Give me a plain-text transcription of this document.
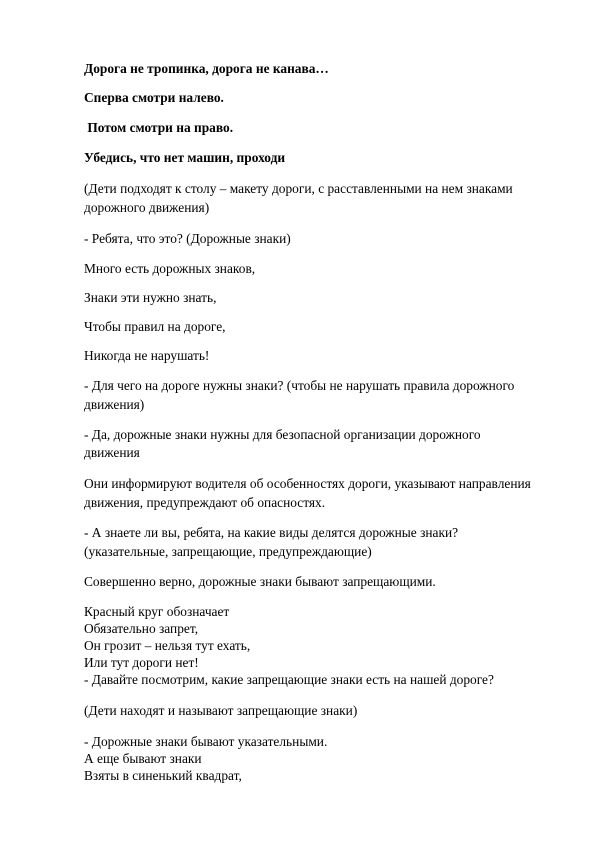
Дорога не тропинка, дорога не канава…
Сперва смотри налево.
Потом смотри на право.
Убедись, что нет машин, проходи
(Дети подходят к столу – макету дороги, с расставленными на нем знаками
дорожного движения)
- Ребята, что это? (Дорожные знаки)
Много есть дорожных знаков,
Знаки эти нужно знать,
Чтобы правил на дороге,
Никогда не нарушать!
- Для чего на дороге нужны знаки? (чтобы не нарушать правила дорожного
движения)
- Да, дорожные знаки нужны для безопасной организации дорожного
движения
Они информируют водителя об особенностях дороги, указывают направления
движения, предупреждают об опасностях.
- А знаете ли вы, ребята, на какие виды делятся дорожные знаки?
(указательные, запрещающие, предупреждающие)
Совершенно верно, дорожные знаки бывают запрещающими.
Красный круг обозначает
Обязательно запрет,
Он грозит – нельзя тут ехать,
Или тут дороги нет!
- Давайте посмотрим, какие запрещающие знаки есть на нашей дороге?
(Дети находят и называют запрещающие знаки)
- Дорожные знаки бывают указательными.
А еще бывают знаки
Взяты в синенький квадрат,
